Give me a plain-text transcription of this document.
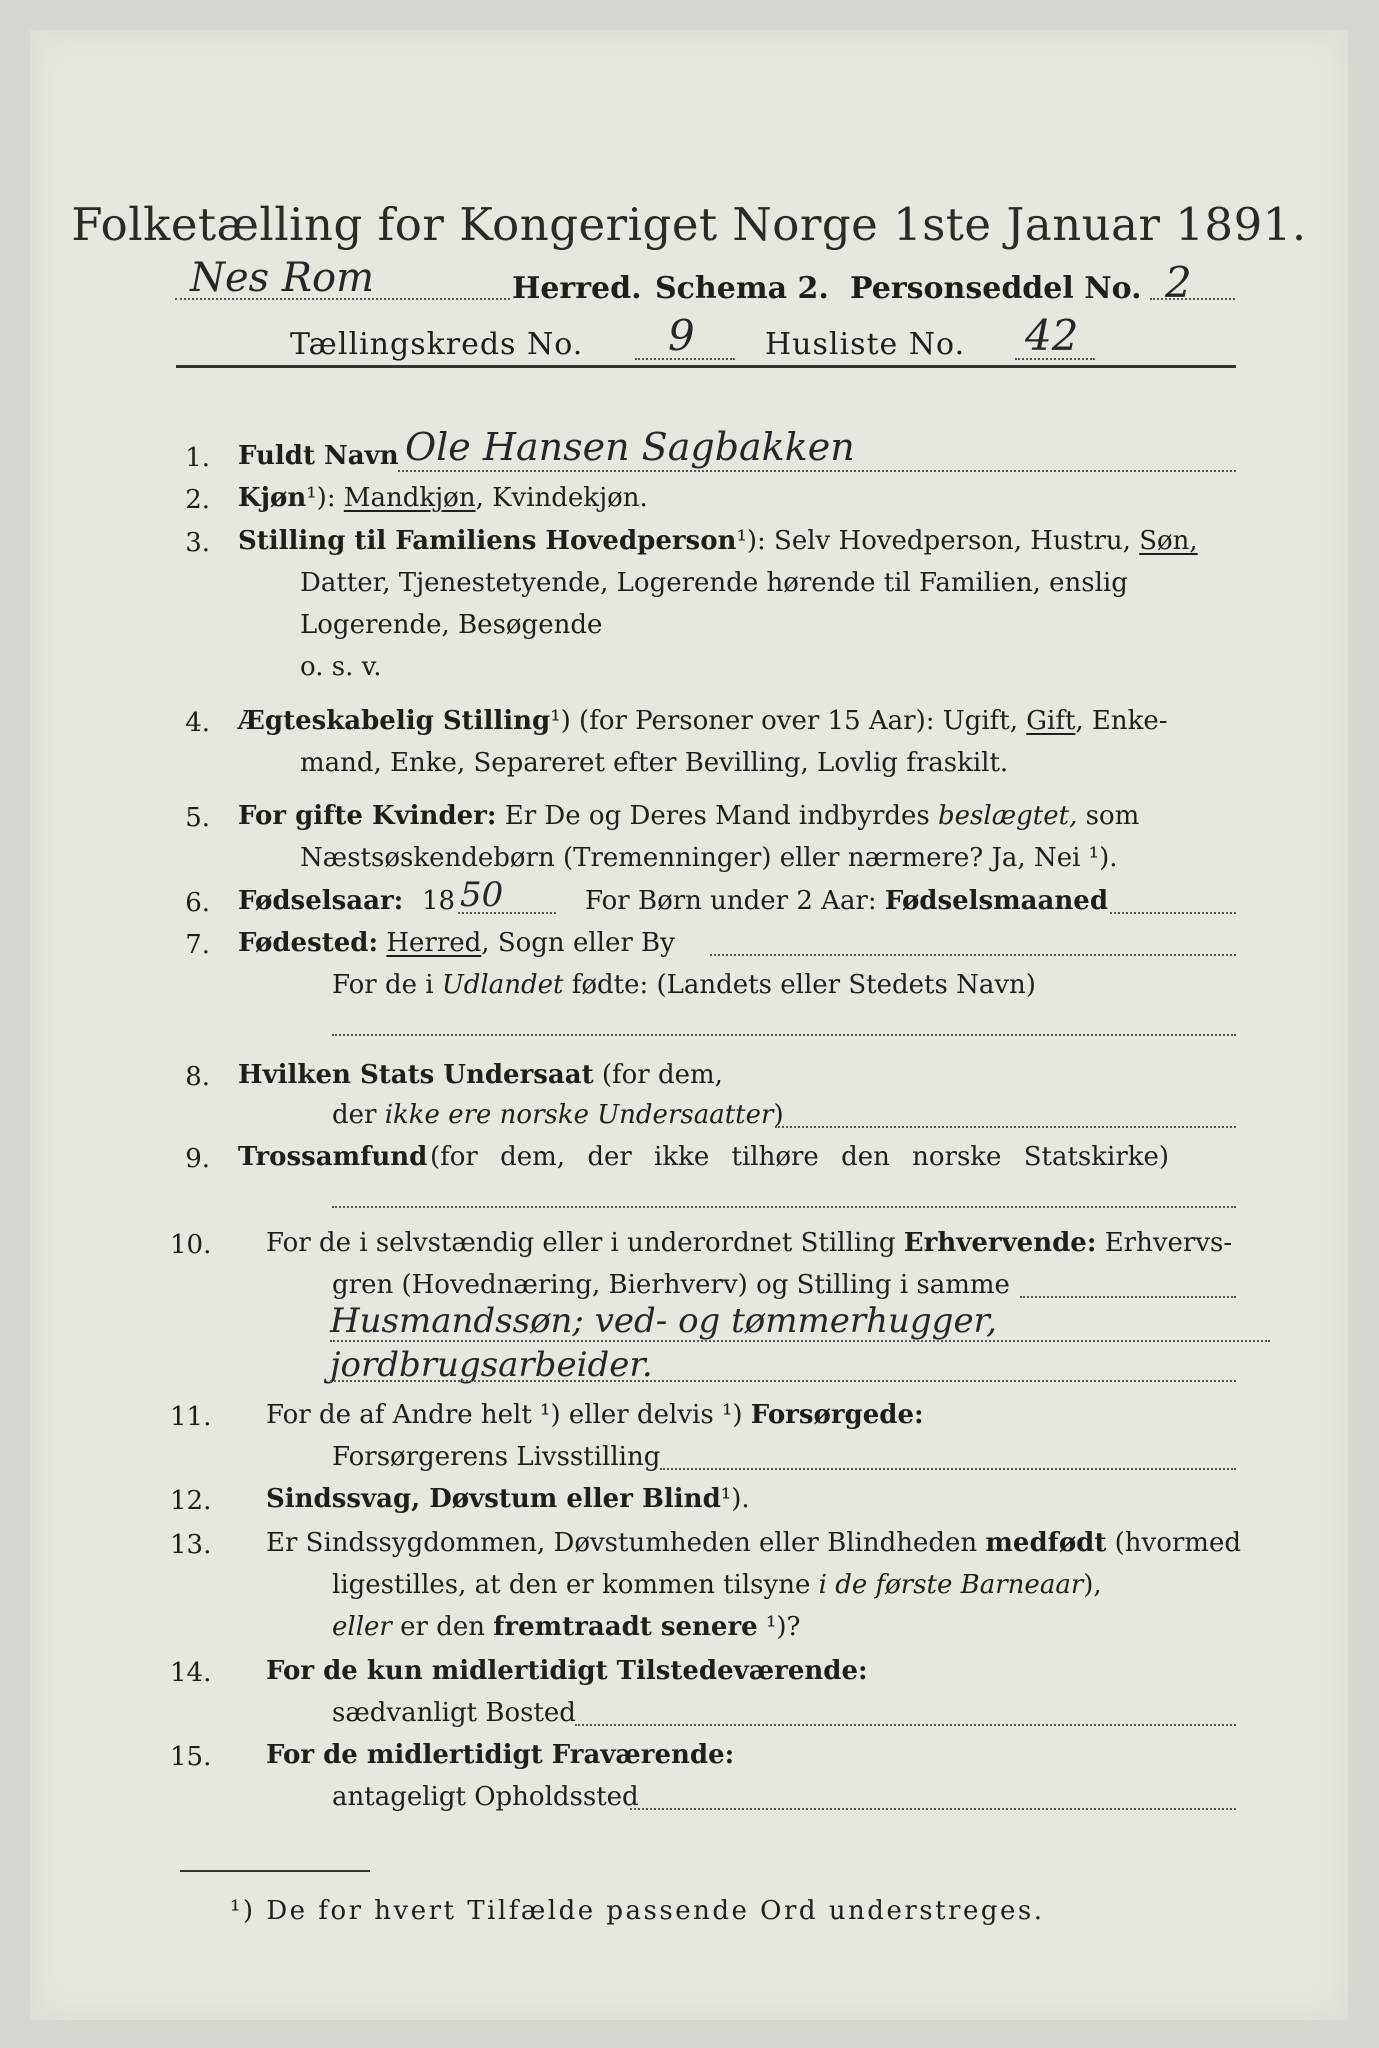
Folketælling for Kongeriget Norge 1ste Januar 1891.
Nes Rom	Herred. Schema 2. Personseddel No. 2
Tællingskreds No. 9 Husliste No. 42
1. Fuldt Navn Ole Hansen Sagbakken
2. Kjøn¹): Mandkjøn, Kvindekjøn.
3. Stilling til Familiens Hovedperson¹): Selv Hovedperson, Hustru, Søn,
Datter, Tjenestetyende, Logerende hørende til Familien, enslig
Logerende, Besøgende
o. s. v.
4. Ægteskabelig Stilling¹) (for Personer over 15 Aar): Ugift, Gift, Enke-
mand, Enke, Separeret efter Bevilling, Lovlig fraskilt.
5. For gifte Kvinder: Er De og Deres Mand indbyrdes beslægtet, som
Næstsøskendebørn (Tremenninger) eller nærmere? Ja, Nei ¹).
6. Fødselsaar: 18 50	For Børn under 2 Aar: Fødselsmaaned
7. Fødested: Herred, Sogn eller By
For de i Udlandet fødte: (Landets eller Stedets Navn)
8. Hvilken Stats Undersaat (for dem,
der ikke ere norske Undersaatter)
9. Trossamfund (for dem, der ikke tilhøre den norske Statskirke)
10. For de i selvstændig eller i underordnet Stilling Erhvervende: Erhvervs-
gren (Hovednæring, Bierhverv) og Stilling i samme
Husmandssøn; ved- og tømmerhugger,
jordbrugsarbeider.
11. For de af Andre helt ¹) eller delvis ¹) Forsørgede:
Forsørgerens Livsstilling
12. Sindssvag, Døvstum eller Blind¹).
13. Er Sindssygdommen, Døvstumheden eller Blindheden medfødt (hvormed
ligestilles, at den er kommen tilsyne i de første Barneaar),
eller er den fremtraadt senere ¹)?
14. For de kun midlertidigt Tilstedeværende:
sædvanligt Bosted
15. For de midlertidigt Fraværende:
antageligt Opholdssted
¹) De for hvert Tilfælde passende Ord understreges.
